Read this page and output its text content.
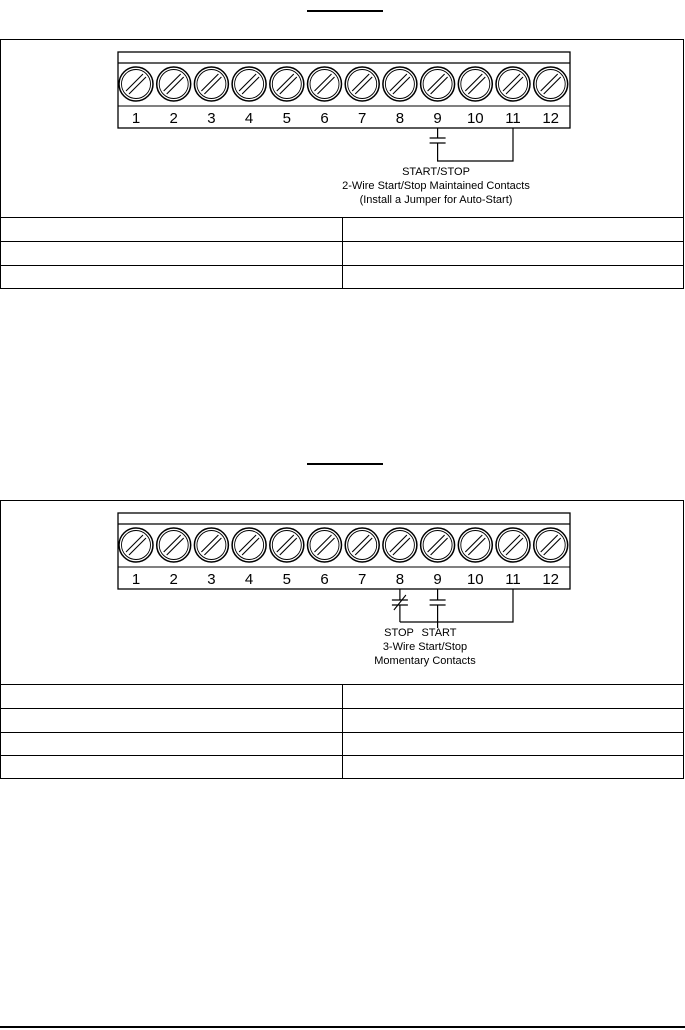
1 2 3 4 5 6 7 8 9 10 11 12
START/STOP
2-Wire Start/Stop Maintained Contacts
(Install a Jumper for Auto-Start)
1 2 3 4 5 6 7 8 9 10 11 12
STOP START
3-Wire Start/Stop
Momentary Contacts
